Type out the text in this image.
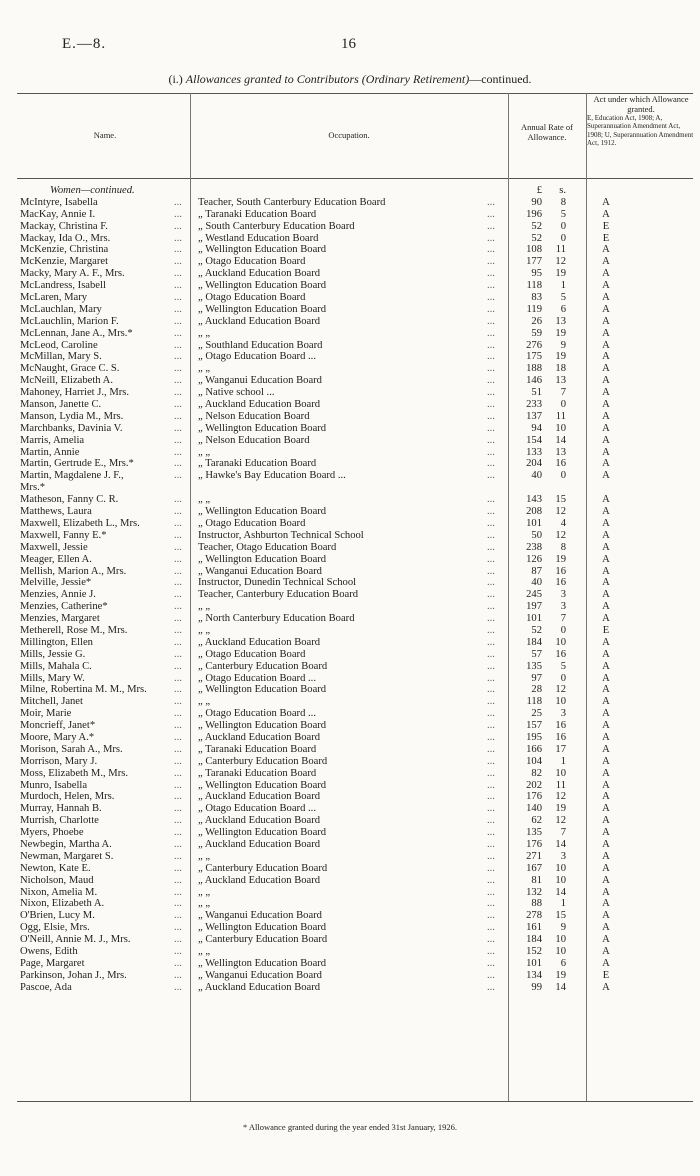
E.—8.	16
(i.) Allowances granted to Contributors (Ordinary Retirement)—continued.
Name.	Occupation.
Annual Rate of Allowance.
Act under which Allowance granted.
E, Education Act, 1908; A, Superannuation Amendment Act, 1908; U, Superannuation Amendment Act, 1912.
Women—continued.	£	s.
McIntyre, Isabella	Teacher, South Canterbury Education Board	90	8	A
...	...
MacKay, Annie I.	„ Taranaki Education Board	196	5	A
...	...
Mackay, Christina F.	„ South Canterbury Education Board	52	0	E
...	...
Mackay, Ida O., Mrs.	„ Westland Education Board	52	0	E
...	...
McKenzie, Christina	„ Wellington Education Board	108	11	A
...	...
McKenzie, Margaret	„ Otago Education Board	177	12	A
...	...
Macky, Mary A. F., Mrs.	„ Auckland Education Board	95	19	A
...	...
McLandress, Isabell	„ Wellington Education Board	118	1	A
...	...
McLaren, Mary	„ Otago Education Board	83	5	A
...	...
McLauchlan, Mary	„ Wellington Education Board	119	6	A
...	...
McLauchlin, Marion F.	„ Auckland Education Board	26	13	A
...	...
McLennan, Jane A., Mrs.*	„ „	59	19	A
...	...
McLeod, Caroline	„ Southland Education Board	276	9	A
...	...
McMillan, Mary S.	„ Otago Education Board ...	175	19	A
...	...
McNaught, Grace C. S.	„ „	188	18	A
...	...
McNeill, Elizabeth A.	„ Wanganui Education Board	146	13	A
...	...
Mahoney, Harriet J., Mrs.	„ Native school ...	51	7	A
...	...
Manson, Janette C.	„ Auckland Education Board	233	0	A
...	...
Manson, Lydia M., Mrs.	„ Nelson Education Board	137	11	A
...	...
Marchbanks, Davinia V.	„ Wellington Education Board	94	10	A
...	...
Marris, Amelia	„ Nelson Education Board	154	14	A
...	...
Martin, Annie	„ „	133	13	A
...	...
Martin, Gertrude E., Mrs.*	„ Taranaki Education Board	204	16	A
...	...
Martin, Magdalene J. F.,	„ Hawke's Bay Education Board ...	40	0	A
...	...
Mrs.*
Matheson, Fanny C. R.	„ „	143	15	A
...	...
Matthews, Laura	„ Wellington Education Board	208	12	A
...	...
Maxwell, Elizabeth L., Mrs.	„ Otago Education Board	101	4	A
...	...
Maxwell, Fanny E.*	Instructor, Ashburton Technical School	50	12	A
...	...
Maxwell, Jessie	Teacher, Otago Education Board	238	8	A
...	...
Meager, Ellen A.	„ Wellington Education Board	126	19	A
...	...
Mellish, Marion A., Mrs.	„ Wanganui Education Board	87	16	A
...	...
Melville, Jessie*	Instructor, Dunedin Technical School	40	16	A
...	...
Menzies, Annie J.	Teacher, Canterbury Education Board	245	3	A
...	...
Menzies, Catherine*	„ „	197	3	A
...	...
Menzies, Margaret	„ North Canterbury Education Board	101	7	A
...	...
Metherell, Rose M., Mrs.	„ „	52	0	E
...	...
Millington, Ellen	„ Auckland Education Board	184	10	A
...	...
Mills, Jessie G.	„ Otago Education Board	57	16	A
...	...
Mills, Mahala C.	„ Canterbury Education Board	135	5	A
...	...
Mills, Mary W.	„ Otago Education Board ...	97	0	A
...	...
Milne, Robertina M. M., Mrs.	„ Wellington Education Board	28	12	A
...	...
Mitchell, Janet	„ „	118	10	A
...	...
Moir, Marie	„ Otago Education Board ...	25	3	A
...	...
Moncrieff, Janet*	„ Wellington Education Board	157	16	A
...	...
Moore, Mary A.*	„ Auckland Education Board	195	16	A
...	...
Morison, Sarah A., Mrs.	„ Taranaki Education Board	166	17	A
...	...
Morrison, Mary J.	„ Canterbury Education Board	104	1	A
...	...
Moss, Elizabeth M., Mrs.	„ Taranaki Education Board	82	10	A
...	...
Munro, Isabella	„ Wellington Education Board	202	11	A
...	...
Murdoch, Helen, Mrs.	„ Auckland Education Board	176	12	A
...	...
Murray, Hannah B.	„ Otago Education Board ...	140	19	A
...	...
Murrish, Charlotte	„ Auckland Education Board	62	12	A
...	...
Myers, Phoebe	„ Wellington Education Board	135	7	A
...	...
Newbegin, Martha A.	„ Auckland Education Board	176	14	A
...	...
Newman, Margaret S.	„ „	271	3	A
...	...
Newton, Kate E.	„ Canterbury Education Board	167	10	A
...	...
Nicholson, Maud	„ Auckland Education Board	81	10	A
...	...
Nixon, Amelia M.	„ „	132	14	A
...	...
Nixon, Elizabeth A.	„ „	88	1	A
...	...
O'Brien, Lucy M.	„ Wanganui Education Board	278	15	A
...	...
Ogg, Elsie, Mrs.	„ Wellington Education Board	161	9	A
...	...
O'Neill, Annie M. J., Mrs.	„ Canterbury Education Board	184	10	A
...	...
Owens, Edith	„ „	152	10	A
...	...
Page, Margaret	„ Wellington Education Board	101	6	A
...	...
Parkinson, Johan J., Mrs.	„ Wanganui Education Board	134	19	E
...	...
Pascoe, Ada	„ Auckland Education Board	99	14	A
...	...
* Allowance granted during the year ended 31st January, 1926.
